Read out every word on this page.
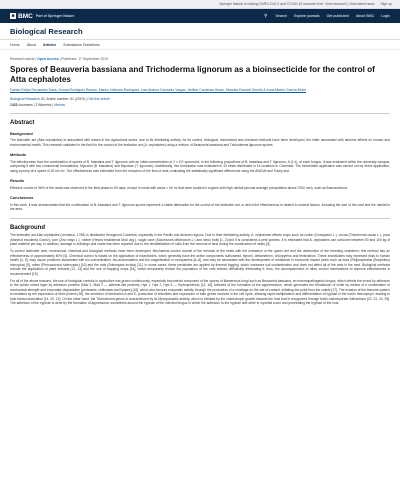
Springer Nature is making SARS-CoV-2 and COVID-19 research free. View research | View latest news Sign up
■ BMC Part of Springer Nature	⚲ Search Explore journals Get published About BMC Login
Biological Research
Home About Articles Submission Guidelines
Research article | Open Access | Published: 17 September 2019
Spores of Beauveria bassiana and Trichoderma lignorum as a bioinsecticide for the control of Atta cephalotes
Fabian Felipe Fernandez Daza, Gonna Rodriguez Roman, Marino Valencia Rodriguez, Ivan Andres Gonzalez Vargas, Heliber Cardenas Hearn, Marcela Pascioli Gerella & Aura Alberto Guerra Mulet
Biological Research 52, Article number: 51 (2019) | Cite this article
1423 Accesses | 7 Altmetric | Metrics
Abstract
Background

The leafcutter ant (Atta cephalotes) is associated with losses in the agricultural sector, due to its defoliating activity; for its control, biological, mechanical and chemical methods have been developed, the latter associated with adverse effects on human and environmental health. This research validated in the field for the control of the leafcutter ant (A. cephalotes) using a mixture of Beauveria bassiana and Trichoderma lignorum spores.

Methods

The effectiveness from the combination of spores of B. bassiana and T. lignorum with an initial concentration of 2 × 10⁸ spores/mL in the following proportions of B. bassiana and T. lignorum, A (1:1), of each fungus. It was evaluated within the university campus, comparing it with two commercial formulations, Mycotrol (B. bassiana) and Mycobac (T. lignorum). Additionally, this formulation was evaluated in 43 nests distributed in 14 locations in Colombia. The formulation application was carried out by direct application, using a pump at a speed of 20 mL/m². The effectiveness was estimated from the reduction of the flow of ants, evaluating the statistically significant differences using the ANOVA and Tukey-test.

Results

Effective control of 96% of the nests was observed in the field phase in 60 days, except in nests with areas > 50 m² that were located in regions with high rainfall (annual average precipitation above 7000 mm), such as Buenaventura.

Conclusions

In this work, it was demonstrated that the combination of B. bassiana and T. lignorum spores represent a viable alternative for the control of the leafcutter ant, in which the effectiveness is related to several factors, including the size of the nest and the rainfall in the area.

Background

The leafcutter ant Atta cephalotes (Linnaeus, 1758) is distributed throughout Colombia, especially in the Pacific and Andean regions. Due to their defoliating activity, A. cephalotes affects crops such as cotton (Gossypium L.), cocoa (Theobroma cacao L.), yuca (Manihot esculenta Crantz), corn (Zea mays L.), rubber (Hevea brasiliensis Mull. Arg.), sugar cane (Saccharum officinarum L.) and citrus fruits [1, 2] and it is considered a pest species. It is estimated that A. cephalotes can consume between 50 and 150 kg of plant material per day. In addition, damage to buildings and roads has been reported due to the destabilization of soils from the removal of land during the construction of nests [3].

To control leafcutter ants, mechanical, chemical and biological methods have been developed. Mechanical control consist of the removal of the nests with the extraction of the queen ant and the destruction of the breeding chambers; this method has an effectiveness of approximately 50% [4]. Chemical control is based on the application of insecticides, which generally have the active components sulfluramid, fipronil, deltamethrin, chlorpyrifos and fenitrothion. These insecticides may represent risks to human health [4, 5], may cause problems associated with bio-concentration, bio-accumulation and bio-magnification in ecosystems [6–8], and may be associated with the development of resistance in economic impact pests such as ticks (Rhipicephalus (Boophilus) microplus) [9], mites (Phenacoccus solenopsis) [10] and fire ants (Solenopsis invicta) [11]. In some cases, these pesticides are applied by thermal fogging, which increases soil contamination and does not affect all of the ants in the nest. Biological methods include the application of plant extracts [12, 13] and the use of trapping crops [14], which temporarily reduce the population of the nest without definitively eliminating it; thus, the accompaniment of other control mechanisms to improve effectiveness is recommended [15].

For all of the above reasons, the use of biological controls in agriculture has grown continuously, especially biocontrols composed of the spores of filamentous fungi such as Beauveria bassiana, an entomopathogenic fungus, which infects the insect by adhesion to the cuticle mixed layer by adhesion proteins (Mad 1, Mad 2 — adhesin-like proteins; Hyd 1, Hyd 2, Hyd 3 — Hydrophobins) [14, 16], followed of the formation of the appressorium, which generates the breakdown of chitin by means of a combination of mechanical strength and enzymatic degradation (proteases, chitinases and lipases) [16], which also favours enzymatic activity through the production of a mucilage on the site of contact, initiating the point from the cuticle [17]. The evasion of the immune system is mediated by the expression of MoIx protein [18], the secretion of destruxins A and E, production of bricolides and expression of bath genes involved in the cell cycle, allowing rapid multiplication and differentiation of hyphae in the host's hemolymph, leading to host immunotoxication [14, 20, 21]. On the other hand, the Trichoderma genus is characterized by its Mycoparasitic activity, which is initiated by the chemotropic growth towards the host that is recognized through lectin-carbohydrate interactions [22, 23, 24, 25]. The adhesion of the hyphae is done by the formation of appressoria, sometimes around the hyphae of the infected fungus in which the adhesion to the hyphae and other in mycelial cover and penetrating the hyphae of the host.
